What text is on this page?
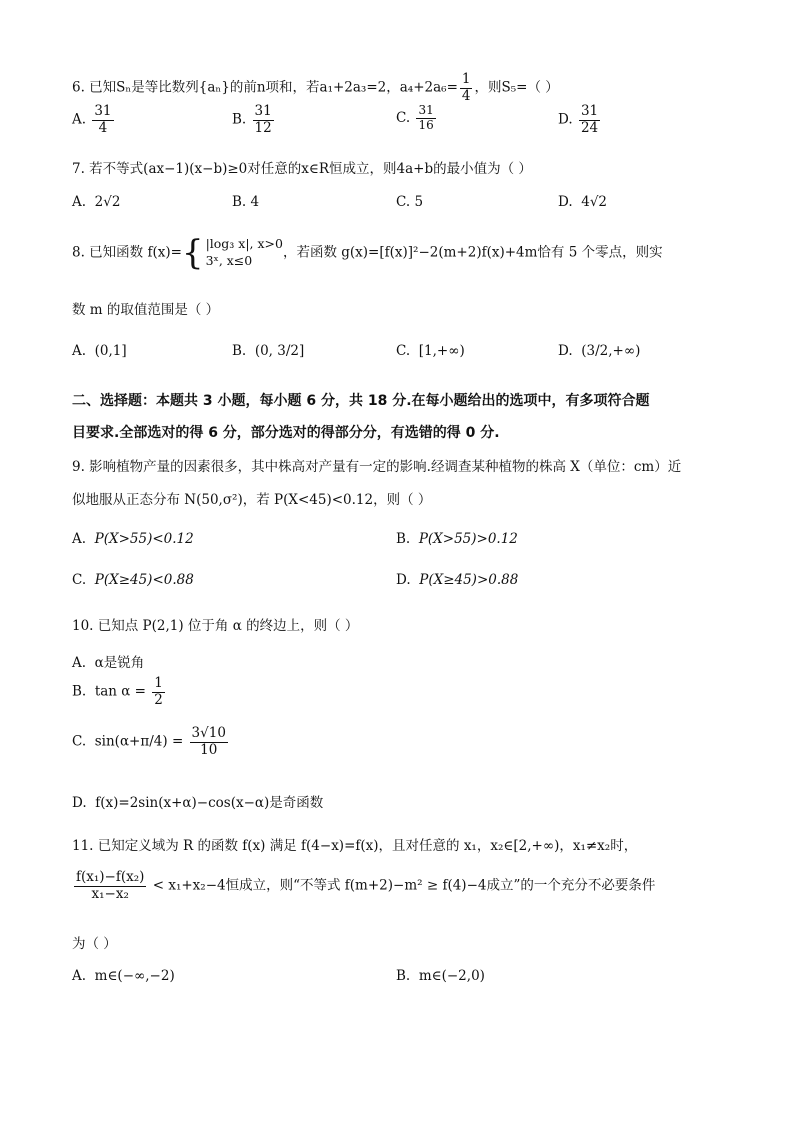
6. 已知Sₙ是等比数列{aₙ}的前n项和，若a₁+2a₃=2，$a_4+2a_6= \frac{1}{4}$ ，则S₅=（ ）
A. $\frac{31}{4}$	B. $\frac{31}{12}$	C. $\frac{31}{16}$	D. $\frac{31}{24}$
7. 若不等式(ax−1)(x−b)≥0对任意的x∈R恒成立，则4a+b的最小值为（ ）
A. 2√2	B. 4	C. 5	D. 4√2
8. 已知函数 f(x)= { |log₃ x|, x>0
3ˣ, x≤0	，若函数 g(x)=[f(x)]²−2(m+2)f(x)+4m恰有 5 个零点，则实
数 m 的取值范围是（ ）
A. (0,1]	B. (0, 3/2]	C. [1,+∞)	D. (3/2,+∞)
二、选择题：本题共 3 小题，每小题 6 分，共 18 分.在每小题给出的选项中，有多项符合题
目要求.全部选对的得 6 分，部分选对的得部分分，有选错的得 0 分.
9. 影响植物产量的因素很多，其中株高对产量有一定的影响.经调查某种植物的株高 X（单位：cm）近
似地服从正态分布 N(50,σ²)，若 P(X<45)<0.12，则（ ）
A. P(X>55)<0.12	B. P(X>55)>0.12
C. P(X≥45)<0.88	D. P(X≥45)>0.88
10. 已知点 P(2,1) 位于角 α 的终边上，则（ ）
A. α是锐角
B. $\tan \alpha = \frac{1}{2}$
C. $\sin(\alpha+\pi/4) = \frac{3√10}{10}$
D. f(x)=2sin(x+α)−cos(x−α)是奇函数
11. 已知定义域为 R 的函数 f(x) 满足 f(4−x)=f(x)，且对任意的 x₁，x₂∈[2,+∞)，x₁≠x₂时，
$\frac{\text{f(x₁)−f(x₂)}}{\text{x₁−x₂}} < x_1+x_2-4$恒成立，则“不等式 f(m+2)−m² ≥ f(4)−4成立”的一个充分不必要条件
为（ ）
A. m∈(−∞,−2)	B. m∈(−2,0)
